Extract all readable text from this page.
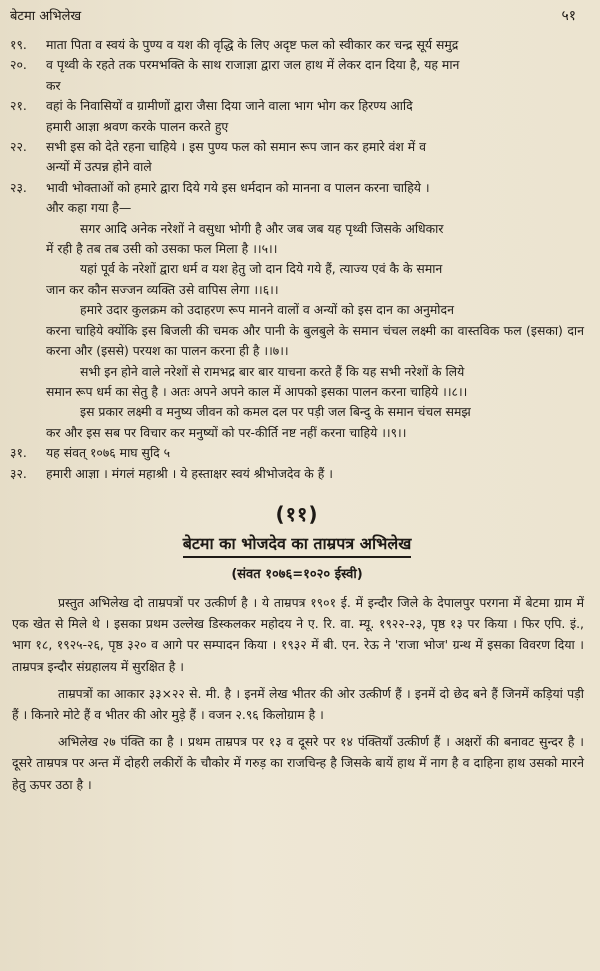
बेटमा अभिलेख	५१
१९.	माता पिता व स्वयं के पुण्य व यश की वृद्धि के लिए अदृष्ट फल को स्वीकार कर चन्द्र सूर्य समुद्र
२०.	व पृथ्वी के रहते तक परमभक्ति के साथ राजाज्ञा द्वारा जल हाथ में लेकर दान दिया है, यह मान
कर
२१.	वहां के निवासियों व ग्रामीणों द्वारा जैसा दिया जाने वाला भाग भोग कर हिरण्य आदि
हमारी आज्ञा श्रवण करके पालन करते हुए
२२.	सभी इस को देते रहना चाहिये । इस पुण्य फल को समान रूप जान कर हमारे वंश में व
अन्यों में उत्पन्न होने वाले
२३.	भावी भोक्ताओं को हमारे द्वारा दिये गये इस धर्मदान को मानना व पालन करना चाहिये ।
और कहा गया है—
सगर आदि अनेक नरेशों ने वसुधा भोगी है और जब जब यह पृथ्वी जिसके अधिकार
में रही है तब तब उसी को उसका फल मिला है ।।५।।
यहां पूर्व के नरेशों द्वारा धर्म व यश हेतु जो दान दिये गये हैं, त्याज्य एवं कै के समान
जान कर कौन सज्जन व्यक्ति उसे वापिस लेगा ।।६।।
हमारे उदार कुलक्रम को उदाहरण रूप मानने वालों व अन्यों को इस दान का अनुमोदन
करना चाहिये क्योंकि इस बिजली की चमक और पानी के बुलबुले के समान चंचल लक्ष्मी का वास्तविक फल (इसका) दान करना और (इससे) परयश का पालन करना ही है ।।७।।
सभी इन होने वाले नरेशों से रामभद्र बार बार याचना करते हैं कि यह सभी नरेशों के लिये
समान रूप धर्म का सेतु है । अतः अपने अपने काल में आपको इसका पालन करना चाहिये ।।८।।
इस प्रकार लक्ष्मी व मनुष्य जीवन को कमल दल पर पड़ी जल बिन्दु के समान चंचल समझ
कर और इस सब पर विचार कर मनुष्यों को पर-कीर्ति नष्ट नहीं करना चाहिये ।।९।।
३१.	यह संवत् १०७६ माघ सुदि ५
३२.	हमारी आज्ञा । मंगलं महाश्री । ये हस्ताक्षर स्वयं श्रीभोजदेव के हैं ।
(११)
बेटमा का भोजदेव का ताम्रपत्र अभिलेख
(संवत १०७६=१०२० ईस्वी)

प्रस्तुत अभिलेख दो ताम्रपत्रों पर उत्कीर्ण है । ये ताम्रपत्र १९०१ ई. में इन्दौर जिले के देपालपुर परगना में बेटमा ग्राम में एक खेत से मिले थे । इसका प्रथम उल्लेख डिस्कलकर महोदय ने ए. रि. वा. म्यू. १९२२-२३, पृष्ठ १३ पर किया । फिर एपि. इं., भाग १८, १९२५-२६, पृष्ठ ३२० व आगे पर सम्पादन किया । १९३२ में बी. एन. रेऊ ने 'राजा भोज' ग्रन्थ में इसका विवरण दिया । ताम्रपत्र इन्दौर संग्रहालय में सुरक्षित है ।

ताम्रपत्रों का आकार ३३×२२ से. मी. है । इनमें लेख भीतर की ओर उत्कीर्ण हैं । इनमें दो छेद बने हैं जिनमें कड़ियां पड़ी हैं । किनारे मोटे हैं व भीतर की ओर मुड़े हैं । वजन २.९६ किलोग्राम है ।

अभिलेख २७ पंक्ति का है । प्रथम ताम्रपत्र पर १३ व दूसरे पर १४ पंक्तियाँ उत्कीर्ण हैं । अक्षरों की बनावट सुन्दर है । दूसरे ताम्रपत्र पर अन्त में दोहरी लकीरों के चौकोर में गरुड़ का राजचिन्ह है जिसके बायें हाथ में नाग है व दाहिना हाथ उसको मारने हेतु ऊपर उठा है ।
